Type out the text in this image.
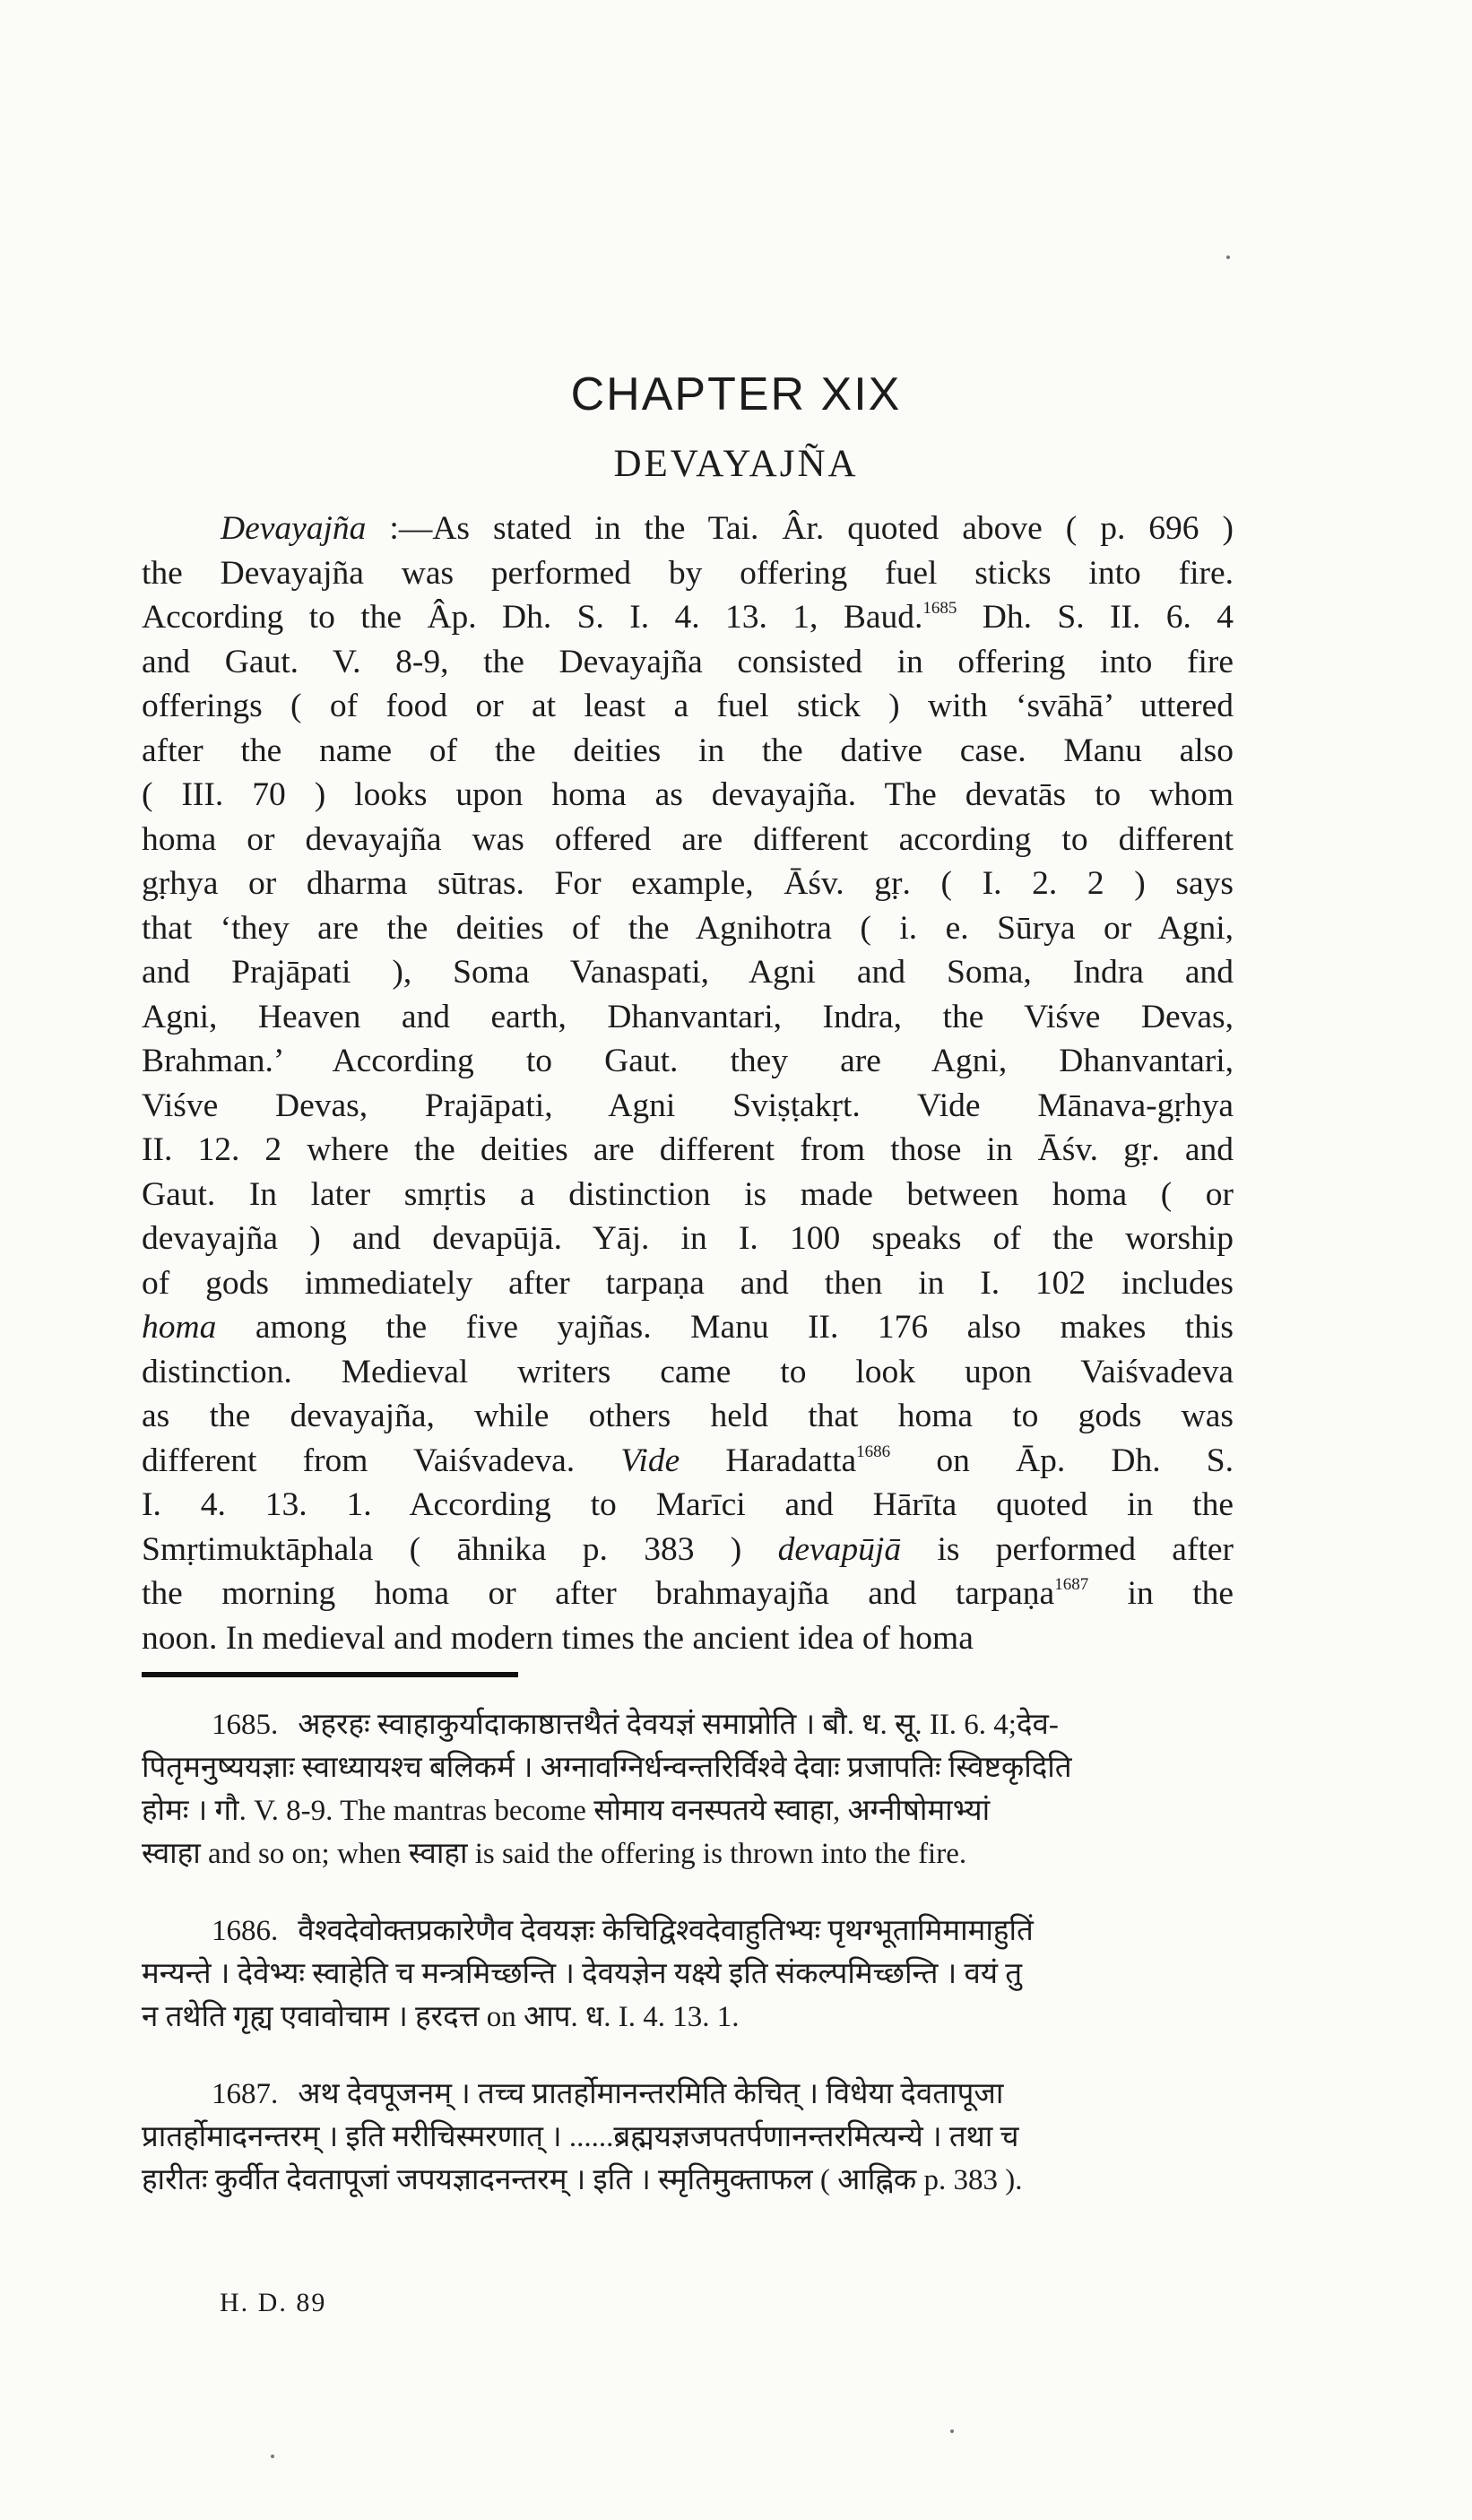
CHAPTER XIX
DEVAYAJÑA
Devayajña :—As stated in the Tai. Âr. quoted above ( p. 696 )
the Devayajña was performed by offering fuel sticks into fire.
According to the Âp. Dh. S. I. 4. 13. 1, Baud.$^{1685}$ Dh. S. II. 6. 4
and Gaut. V. 8-9, the Devayajña consisted in offering into fire
offerings ( of food or at least a fuel stick ) with ‘svāhā’ uttered
after the name of the deities in the dative case. Manu also
( III. 70 ) looks upon homa as devayajña. The devatās to whom
homa or devayajña was offered are different according to different
gṛhya or dharma sūtras. For example, Āśv. gṛ. ( I. 2. 2 ) says
that ‘they are the deities of the Agnihotra ( i. e. Sūrya or Agni,
and Prajāpati ), Soma Vanaspati, Agni and Soma, Indra and
Agni, Heaven and earth, Dhanvantari, Indra, the Viśve Devas,
Brahman.’ According to Gaut. they are Agni, Dhanvantari,
Viśve Devas, Prajāpati, Agni Sviṣṭakṛt. Vide Mānava-gṛhya
II. 12. 2 where the deities are different from those in Āśv. gṛ. and
Gaut. In later smṛtis a distinction is made between homa ( or
devayajña ) and devapūjā. Yāj. in I. 100 speaks of the worship
of gods immediately after tarpaṇa and then in I. 102 includes
homa among the five yajñas. Manu II. 176 also makes this
distinction. Medieval writers came to look upon Vaiśvadeva
as the devayajña, while others held that homa to gods was
different from Vaiśvadeva. Vide Haradatta$^{1686}$ on Āp. Dh. S.
I. 4. 13. 1. According to Marīci and Hārīta quoted in the
Smṛtimuktāphala ( āhnika p. 383 ) devapūjā is performed after
the morning homa or after brahmayajña and tarpaṇa$^{1687}$ in the
noon. In medieval and modern times the ancient idea of homa
1685. अहरहः स्वाहाकुर्यादाकाष्ठात्तथैतं देवयज्ञं समाप्नोति । बौ. ध. सू. II. 6. 4;देव-
पितृमनुष्ययज्ञाः स्वाध्यायश्च बलिकर्म । अग्नावग्निर्धन्वन्तरिर्विश्वे देवाः प्रजापतिः स्विष्टकृदिति
होमः । गौ. V. 8-9. The mantras become सोमाय वनस्पतये स्वाहा, अग्नीषोमाभ्यां
स्वाहा and so on; when स्वाहा is said the offering is thrown into the fire.
1686. वैश्वदेवोक्तप्रकारेणैव देवयज्ञः केचिद्विश्वदेवाहुतिभ्यः पृथग्भूतामिमामाहुतिं
मन्यन्ते । देवेभ्यः स्वाहेति च मन्त्रमिच्छन्ति । देवयज्ञेन यक्ष्ये इति संकल्पमिच्छन्ति । वयं तु
न तथेति गृह्य एवावोचाम । हरदत्त on आप. ध. I. 4. 13. 1.
1687. अथ देवपूजनम् । तच्च प्रातर्होमानन्तरमिति केचित् । विधेया देवतापूजा
प्रातर्होमादनन्तरम् । इति मरीचिस्मरणात् । ......ब्रह्मयज्ञजपतर्पणानन्तरमित्यन्ये । तथा च
हारीतः कुर्वीत देवतापूजां जपयज्ञादनन्तरम् । इति । स्मृतिमुक्ताफल ( आह्निक p. 383 ).
H. D. 89
